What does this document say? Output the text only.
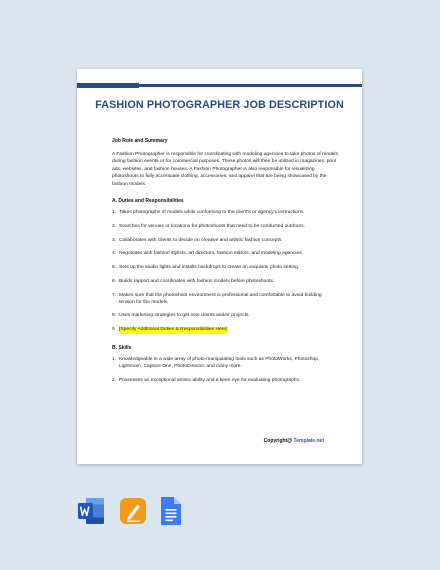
FASHION PHOTOGRAPHER JOB DESCRIPTION
Job Role and Summary
A Fashion Photographer is responsible for coordinating with modeling agencies to take photos of models during fashion events or for commercial purposes. These photos will then be utilized in magazines, print ads, websites, and fashion houses. A Fashion Photographer is also responsible for visualizing photoshoots to fully accentuate clothing, accessories, and apparel that are being showcased by the fashion models.
A. Duties and Responsibilities
1. Takes photographs of models while conforming to the client’s or agency’s instructions.
2. Searches for venues or locations for photoshoots that need to be conducted outdoors.
3. Collaborates with clients to decide on creative and artistic fashion concepts.
4. Negotiates with fashion stylists, art directors, fashion editors, and modeling agencies.
5. Sets up the studio lights and installs backdrops to create an exquisite photo setting.
6. Builds rapport and coordinates with fashion models before photoshoots.
7. Makes sure that the photoshoot environment is professional and comfortable to avoid building tension for the models.
8. Uses marketing strategies to get new clients and/or projects.
9. [Specify Additional Duties & Responsibilities Here]
B. Skills
1. Knowledgeable in a wide array of photo-manipulating tools such as PhotoWorks, Photoshop, Lightroom, Capture One, PhotoDirector, and many more.
2. Possesses an exceptional artistic ability and a keen eye for evaluating photographs.
Copyright@ Template.net
